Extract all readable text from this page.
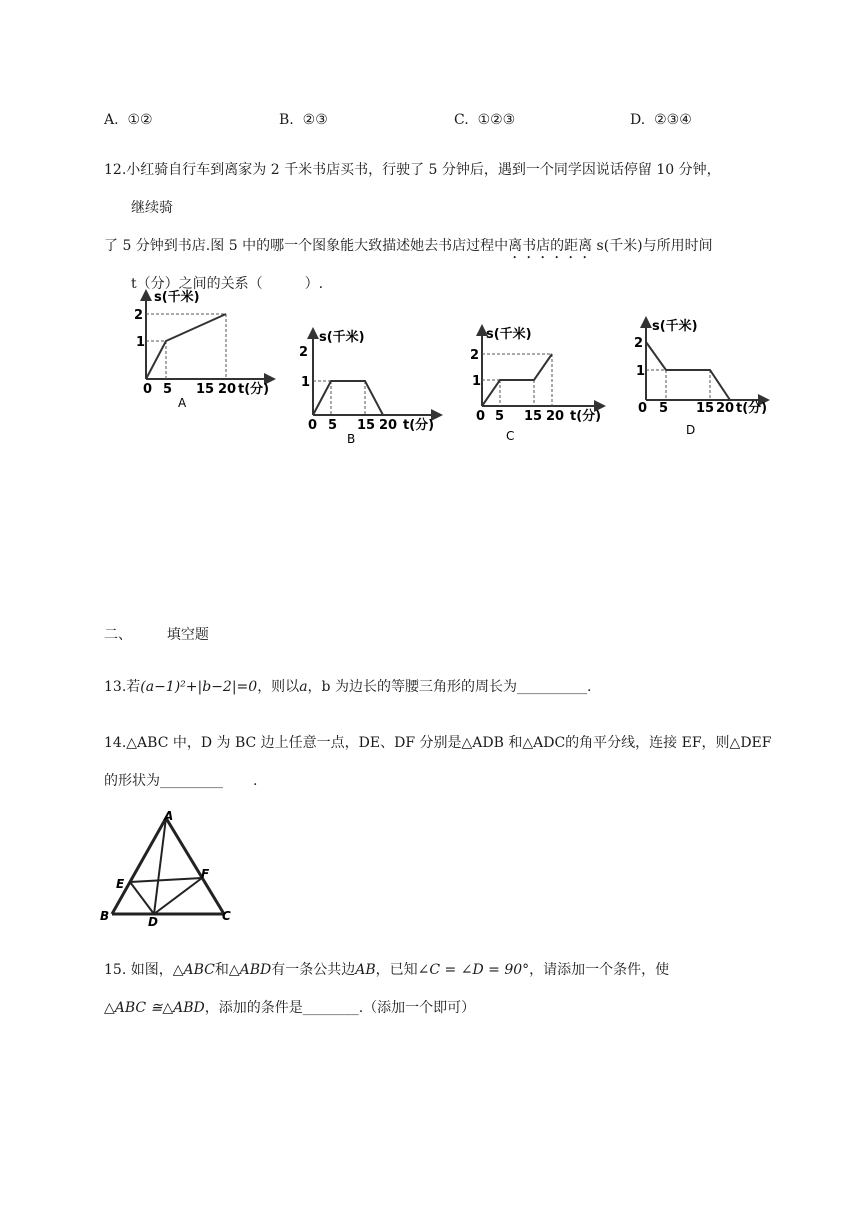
A. ①②	B. ②③	C. ①②③	D. ②③④
12.小红骑自行车到离家为 2 千米书店买书，行驶了 5 分钟后，遇到一个同学因说话停留 10 分钟，
继续骑
了 5 分钟到书店.图 5 中的哪一个图象能大致描述她去书店过程中离书店的距离 s(千米)与所用时间
t（分）之间的关系（　　　）.
s(千米)
2
1
0 5 15 20 t(分)
A
s(千米)
2
1
0 5 15 20 t(分)
B
s(千米)
2
1
0 5 15 20 t(分)
C
s(千米)
2
1
0 5 15 20 t(分)
D
二、 填空题
13.若(a−1)²+|b−2|=0，则以a，b 为边长的等腰三角形的周长为__________.
14.△ABC 中，D 为 BC 边上任意一点，DE、DF 分别是△ADB 和△ADC的角平分线，连接 EF，则△DEF
的形状为_________ .
A
B	C
D
E
F
15. 如图，△ABC和△ABD有一条公共边AB，已知∠C = ∠D = 90°，请添加一个条件，使
△ABC ≅△ABD，添加的条件是________.（添加一个即可）
